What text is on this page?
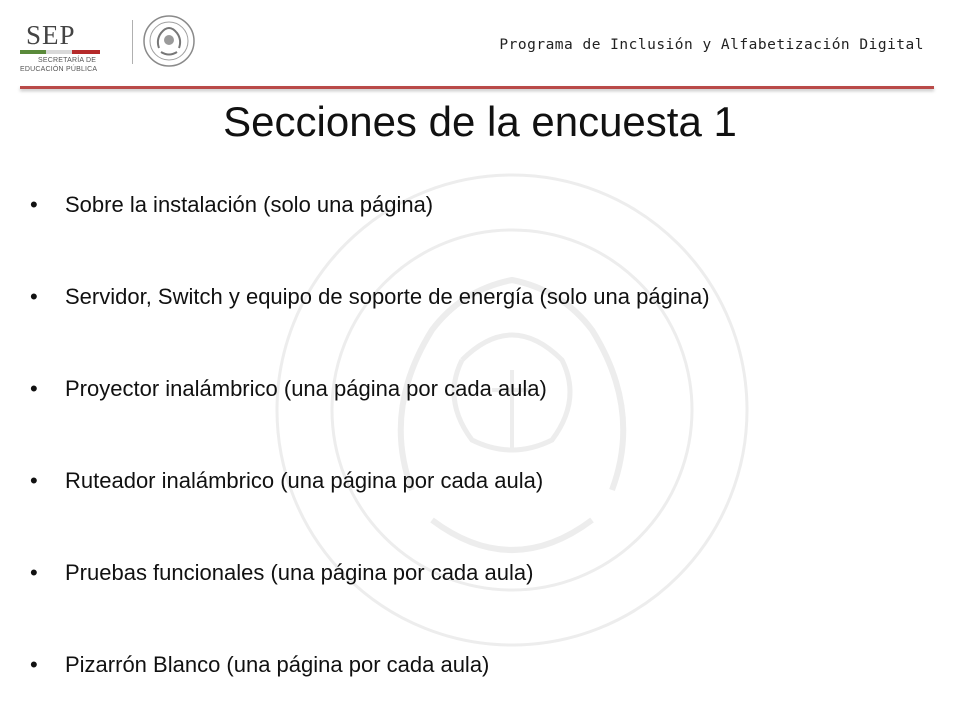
SEP
SECRETARÍA DE
EDUCACIÓN PÚBLICA
Programa de Inclusión y Alfabetización Digital
Secciones de la encuesta 1
• Sobre la instalación (solo una página)
• Servidor, Switch y equipo de soporte de energía (solo una página)
• Proyector inalámbrico (una página por cada aula)
• Ruteador inalámbrico (una página por cada aula)
• Pruebas funcionales (una página por cada aula)
• Pizarrón Blanco (una página por cada aula)
